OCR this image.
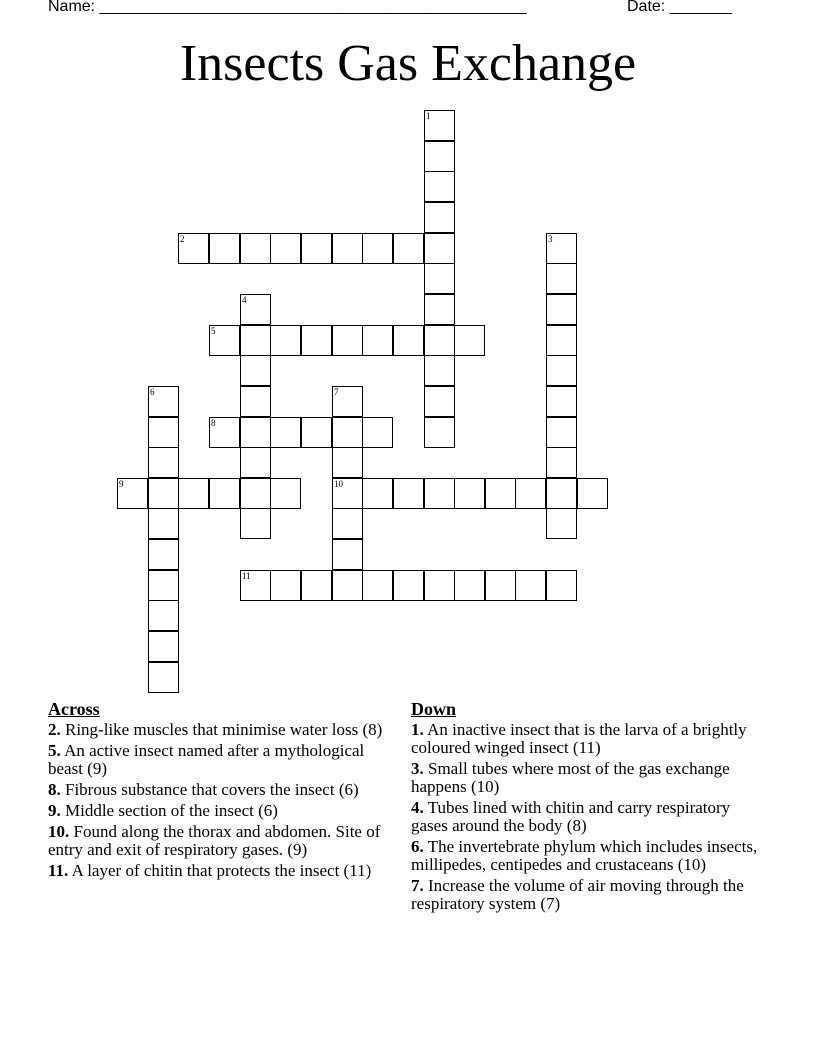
Name: ________________________________________________	Date: _______
Insects Gas Exchange
1
2	3
4
5
6	7
10
8
9
11
Across
2. Ring-like muscles that minimise water loss (8)
5. An active insect named after a mythological beast (9)
8. Fibrous substance that covers the insect (6)
9. Middle section of the insect (6)
10. Found along the thorax and abdomen. Site of entry and exit of respiratory gases. (9)
11. A layer of chitin that protects the insect (11)
Down
1. An inactive insect that is the larva of a brightly coloured winged insect (11)
3. Small tubes where most of the gas exchange happens (10)
4. Tubes lined with chitin and carry respiratory gases around the body (8)
6. The invertebrate phylum which includes insects, millipedes, centipedes and crustaceans (10)
7. Increase the volume of air moving through the respiratory system (7)
